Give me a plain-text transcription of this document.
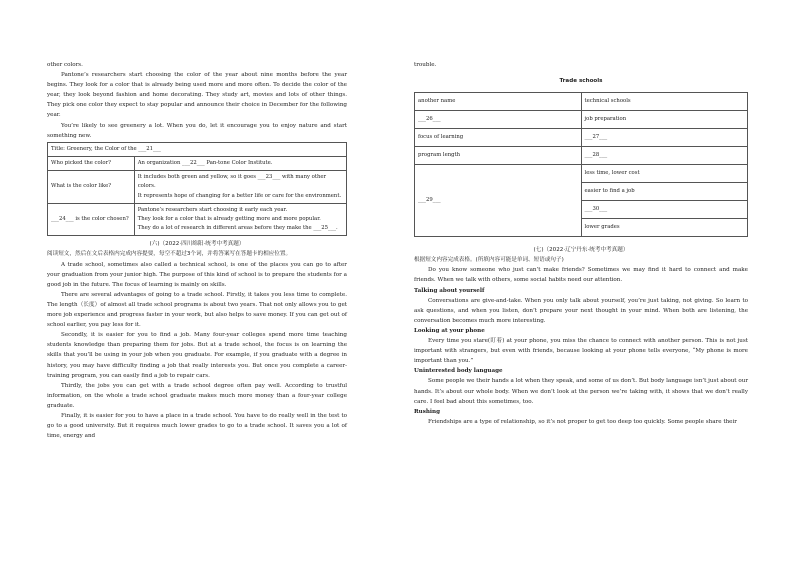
other colors.

Pantone’s researchers start choosing the color of the year about nine months before the year begins. They look for a color that is already being used more and more often. To decide the color of the year, they look beyond fashion and home decorating. They study art, movies and lots of other things. They pick one color they expect to stay popular and announce their choice in December for the following year.

You’re likely to see greenery a lot. When you do, let it encourage you to enjoy nature and start something new.

Title: Greenery, the Color of the ___21___	
Who picked the color?	An organization ___22___ Pan-tone Color Institute.

What is the color like?	It includes both green and yellow, so it goes ___23___ with many other colors.
It represents hope of changing for a better life or care for the environment.

___24___ is the color chosen?	Pantone’s researchers start choosing it early each year.
They look for a color that is already getting more and more popular.
They do a lot of research in different areas before they make the ___25___.

(六)（2022·四川绵阳·统考中考真题）

阅读短文，然后在文后表格内完成内容提要，每空不超过3个词，并将答案写在答题卡的相应位置。

A trade school, sometimes also called a technical school, is one of the places you can go to after your graduation from your junior high. The purpose of this kind of school is to prepare the students for a good job in the future. The focus of learning is mainly on skills.

There are several advantages of going to a trade school. Firstly, it takes you less time to complete. The length（长度）of almost all trade school programs is about two years. That not only allows you to get more job experience and progress faster in your work, but also helps to save money. If you can get out of school earlier, you pay less for it.

Secondly, it is easier for you to find a job. Many four-year colleges spend more time teaching students knowledge than preparing them for jobs. But at a trade school, the focus is on learning the skills that you’ll be using in your job when you graduate. For example, if you graduate with a degree in history, you may have difficulty finding a job that really interests you. But once you complete a career-training program, you can easily find a job to repair cars.

Thirdly, the jobs you can get with a trade school degree often pay well. According to trustful information, on the whole a trade school graduate makes much more money than a four-year college graduate.

Finally, it is easier for you to have a place in a trade school. You have to do really well in the test to go to a good university. But it requires much lower grades to go to a trade school. It saves you a lot of time, energy and

trouble.

Trade schools
another name	technical schools
___26___	job preparation
focus of learning	___27___
program length	___28___
___29___	less time, lower cost
	easier to find a job
	___30___
	lower grades

(七)（2022·辽宁丹东·统考中考真题）

根据短文内容完成表格。(所填内容可能是单词、短语或句子)

Do you know someone who just can’t make friends? Sometimes we may find it hard to connect and make friends. When we talk with others, some social habits need our attention.

Talking about yourself

Conversations are give-and-take. When you only talk about yourself, you’re just taking, not giving. So learn to ask questions, and when you listen, don’t prepare your next thought in your mind. When both are listening, the conversation becomes much more interesting.

Looking at your phone

Every time you stare(盯着) at your phone, you miss the chance to connect with another person. This is not just important with strangers, but even with friends, because looking at your phone tells everyone, “My phone is more important than you.”

Uninterested body language

Some people we their hands a lot when they speak, and some of us don’t. But body language isn’t just about our hands. It’s about our whole body. When we don’t look at the person we’re taking with, it shows that we don’t really care. I feel bad about this sometimes, too.

Rushing

Friendships are a type of relationship, so it’s not proper to get too deep too quickly. Some people share their
